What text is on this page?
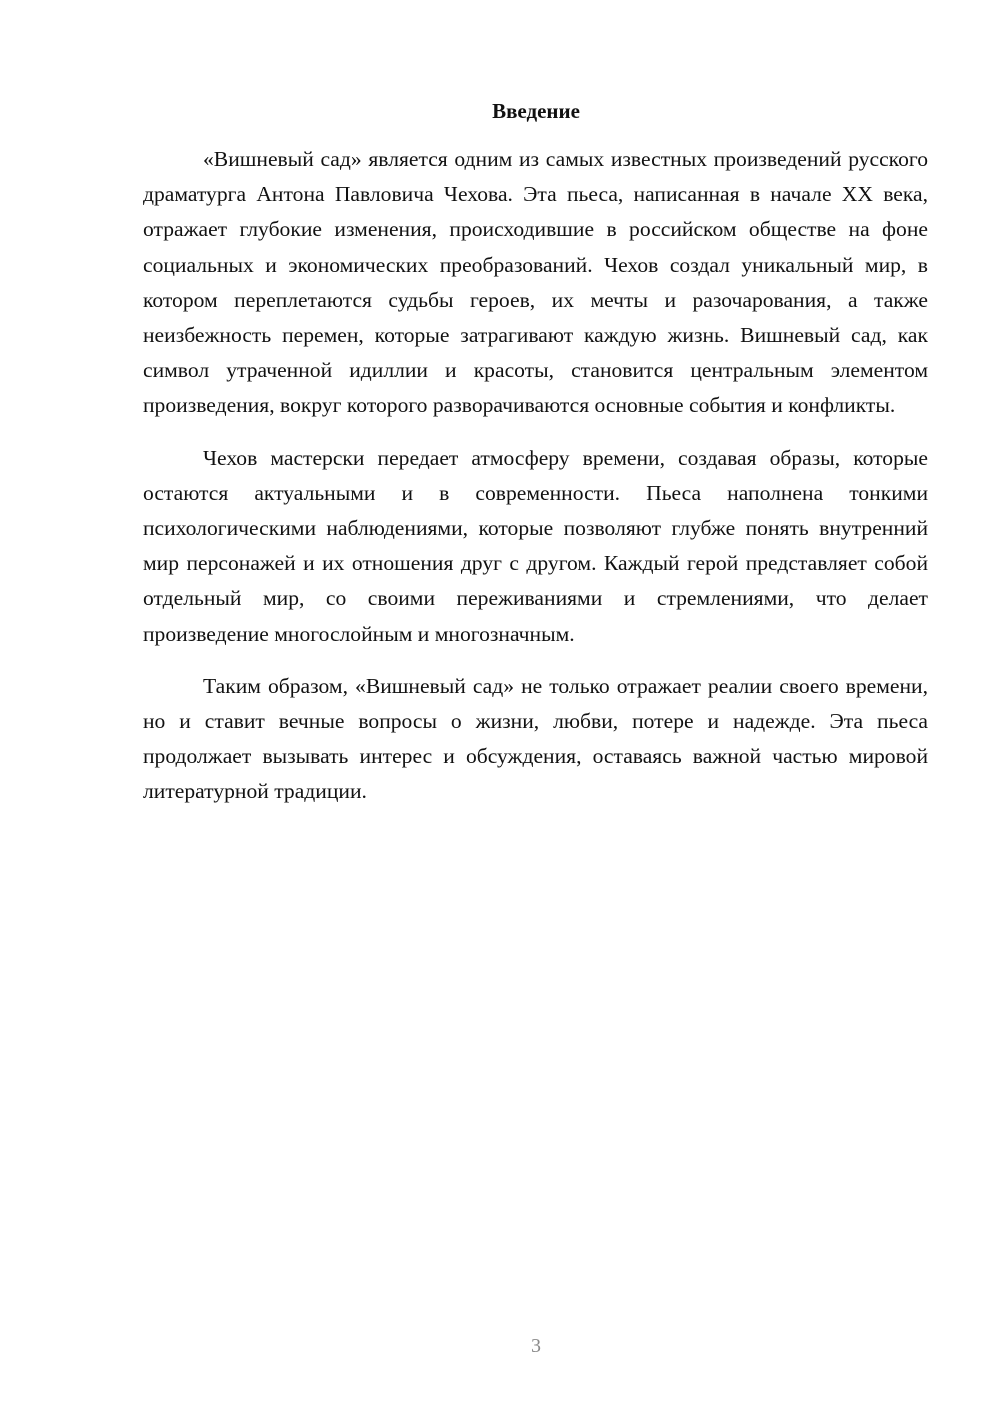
Введение

«Вишневый сад» является одним из самых известных произведений русского драматурга Антона Павловича Чехова. Эта пьеса, написанная в начале XX века, отражает глубокие изменения, происходившие в российском обществе на фоне социальных и экономических преобразований. Чехов создал уникальный мир, в котором переплетаются судьбы героев, их мечты и разочарования, а также неизбежность перемен, которые затрагивают каждую жизнь. Вишневый сад, как символ утраченной идиллии и красоты, становится центральным элементом произведения, вокруг которого разворачиваются основные события и конфликты.

Чехов мастерски передает атмосферу времени, создавая образы, которые остаются актуальными и в современности. Пьеса наполнена тонкими психологическими наблюдениями, которые позволяют глубже понять внутренний мир персонажей и их отношения друг с другом. Каждый герой представляет собой отдельный мир, со своими переживаниями и стремлениями, что делает произведение многослойным и многозначным.

Таким образом, «Вишневый сад» не только отражает реалии своего времени, но и ставит вечные вопросы о жизни, любви, потере и надежде. Эта пьеса продолжает вызывать интерес и обсуждения, оставаясь важной частью мировой литературной традиции.

3
